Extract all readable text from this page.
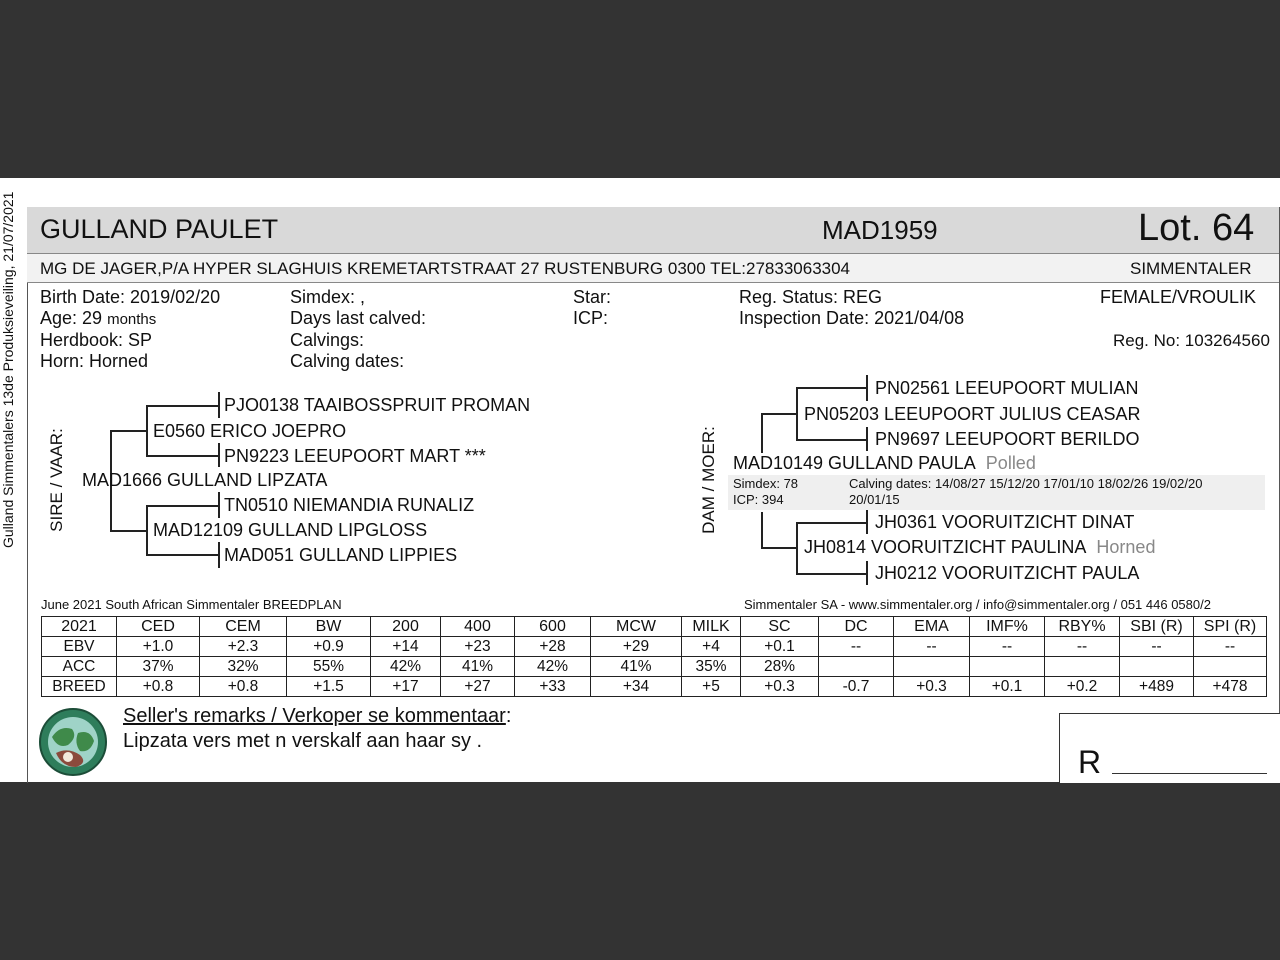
Gulland Simmentalers 13de Produksieveiling, 21/07/2021 GULLAND PAULET	MAD1959	Lot. 64
MG DE JAGER,P/A HYPER SLAGHUIS KREMETARTSTRAAT 27 RUSTENBURG 0300 TEL:27833063304	SIMMENTALER
Birth Date: 2019/02/20
Age: 29 months
Herdbook: SP
Horn: Horned
Simdex: ,
Days last calved:
Calvings:
Calving dates:
Star:
ICP:
Reg. Status: REG
Inspection Date: 2021/04/08
FEMALE/VROULIK
Reg. No: 103264560
SIRE / VAAR:
PJO0138 TAAIBOSSPRUIT PROMAN
E0560 ERICO JOEPRO
PN9223 LEEUPOORT MART ***
MAD1666 GULLAND LIPZATA
TN0510 NIEMANDIA RUNALIZ
MAD12109 GULLAND LIPGLOSS
MAD051 GULLAND LIPPIES
DAM / MOER:
PN02561 LEEUPOORT MULIAN
PN05203 LEEUPOORT JULIUS CEASAR
PN9697 LEEUPOORT BERILDO
MAD10149 GULLAND PAULA Polled
Simdex: 78
ICP: 394
Calving dates: 14/08/27 15/12/20 17/01/10 18/02/26 19/02/20
20/01/15
JH0361 VOORUITZICHT DINAT
JH0814 VOORUITZICHT PAULINA Horned
JH0212 VOORUITZICHT PAULA
June 2021 South African Simmentaler BREEDPLAN	Simmentaler SA - www.simmentaler.org / info@simmentaler.org / 051 446 0580/2
2021	CED	CEM	BW	200	400	600	MCW	MILK	SC	DC	EMA	IMF%	RBY%	SBI (R)	SPI (R)
EBV	+1.0	+2.3	+0.9	+14	+23	+28	+29	+4	+0.1	--	--	--	--	--	--
ACC	37%	32%	55%	42%	41%	42%	41%	35%	28%						
BREED	+0.8	+0.8	+1.5	+17	+27	+33	+34	+5	+0.3	-0.7	+0.3	+0.1	+0.2	+489	+478
Seller's remarks / Verkoper se kommentaar:
Lipzata vers met n verskalf aan haar sy .
R
